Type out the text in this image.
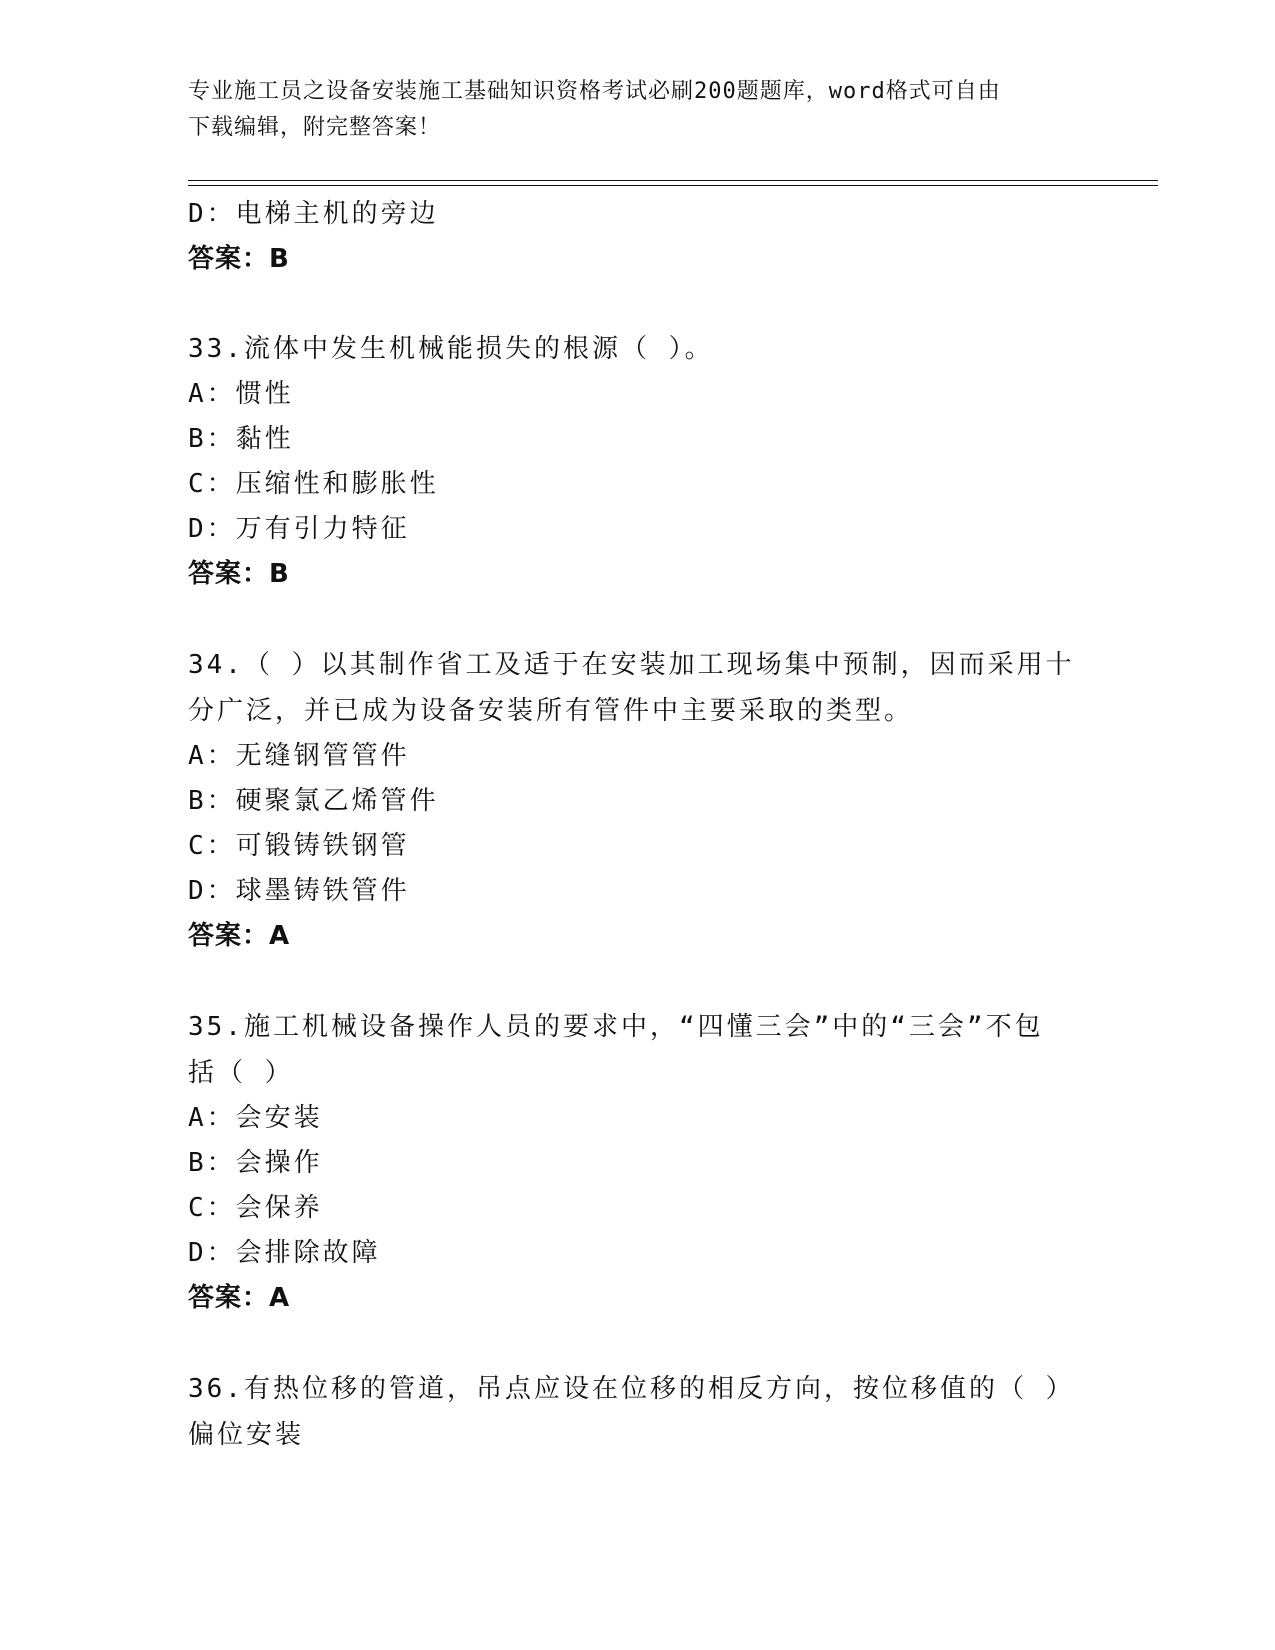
专业施工员之设备安装施工基础知识资格考试必刷200题题库，word格式可自由
下载编辑，附完整答案！
D：电梯主机的旁边
答案：B
33.流体中发生机械能损失的根源（ ）。
A：惯性
B：黏性
C：压缩性和膨胀性
D：万有引力特征
答案：B
34.（ ）以其制作省工及适于在安装加工现场集中预制，因而采用十
分广泛，并已成为设备安装所有管件中主要采取的类型。
A：无缝钢管管件
B：硬聚氯乙烯管件
C：可锻铸铁钢管
D：球墨铸铁管件
答案：A
35.施工机械设备操作人员的要求中，“四懂三会”中的“三会”不包
括（ ）
A：会安装
B：会操作
C：会保养
D：会排除故障
答案：A
36.有热位移的管道，吊点应设在位移的相反方向，按位移值的（ ）
偏位安装
